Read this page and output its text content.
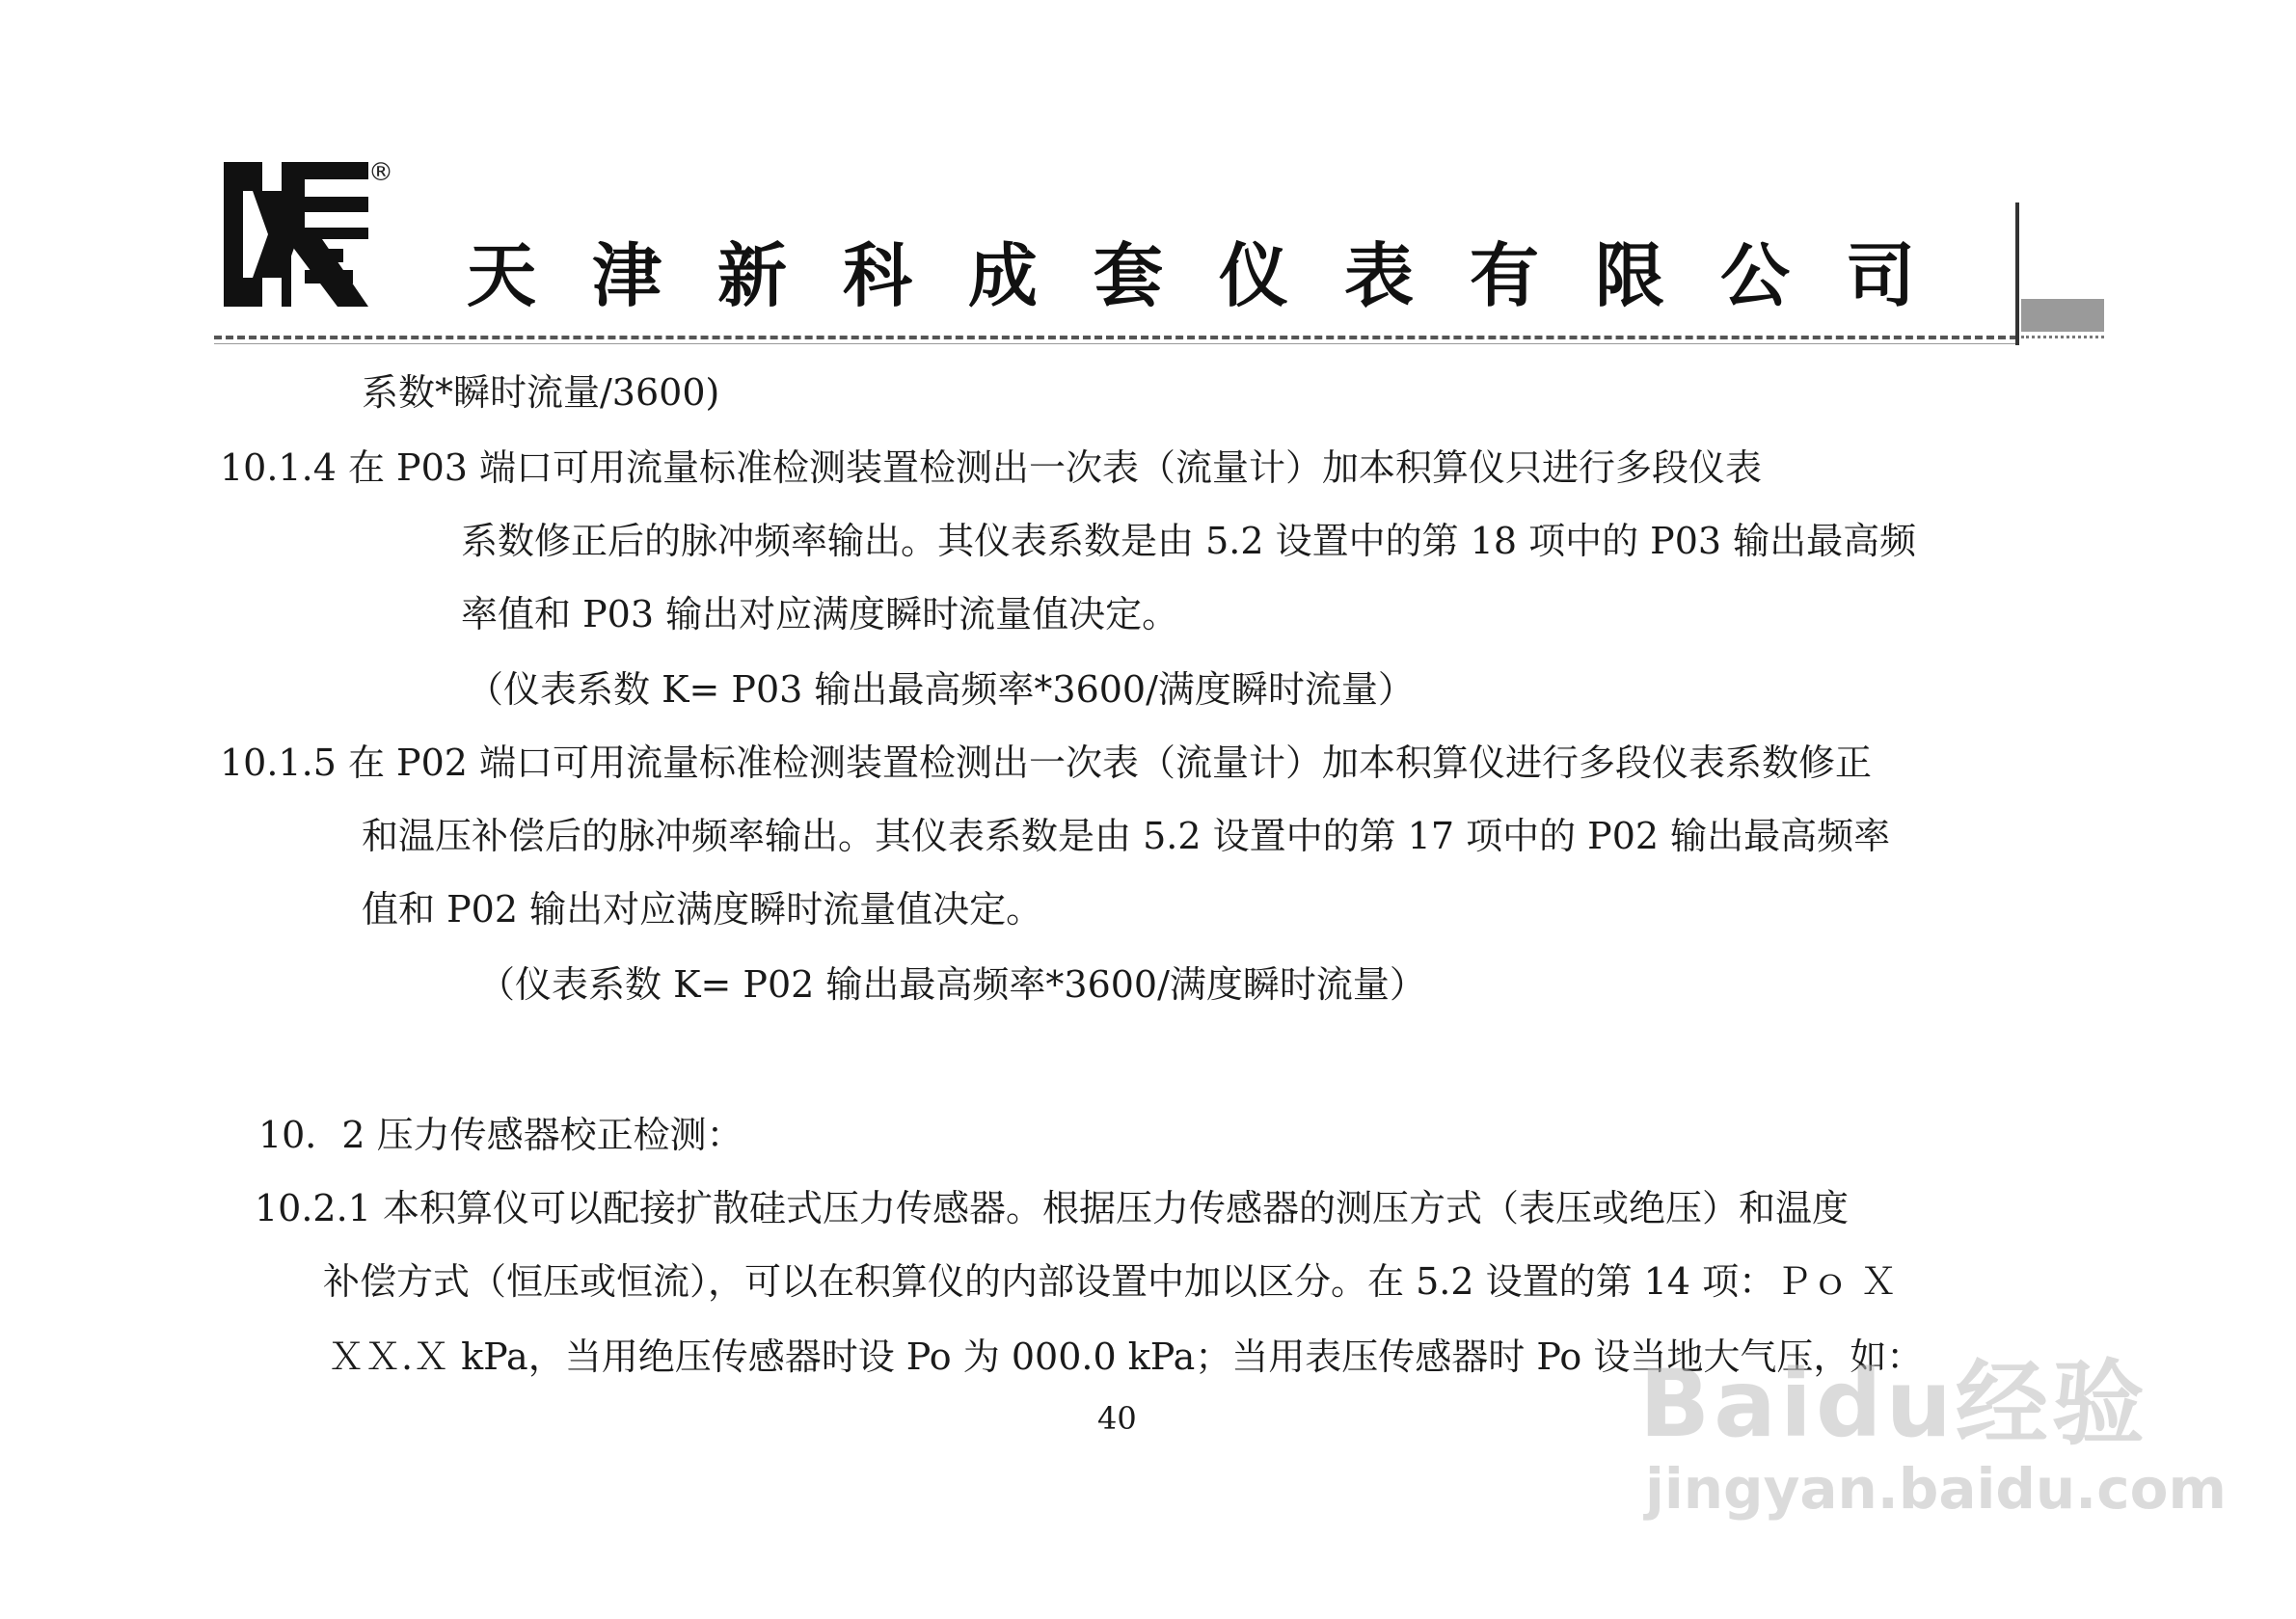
®
天津新科成套仪表有限公司
系数*瞬时流量/3600)
10.1.4 在 P03 端口可用流量标准检测装置检测出一次表（流量计）加本积算仪只进行多段仪表
系数修正后的脉冲频率输出。其仪表系数是由 5.2 设置中的第 18 项中的 P03 输出最高频
率值和 P03 输出对应满度瞬时流量值决定。
（仪表系数 K= P03 输出最高频率*3600/满度瞬时流量）
10.1.5 在 P02 端口可用流量标准检测装置检测出一次表（流量计）加本积算仪进行多段仪表系数修正
和温压补偿后的脉冲频率输出。其仪表系数是由 5.2 设置中的第 17 项中的 P02 输出最高频率
值和 P02 输出对应满度瞬时流量值决定。
（仪表系数 K= P02 输出最高频率*3600/满度瞬时流量）
10．2 压力传感器校正检测：
10.2.1 本积算仪可以配接扩散硅式压力传感器。根据压力传感器的测压方式（表压或绝压）和温度
补偿方式（恒压或恒流），可以在积算仪的内部设置中加以区分。在 5.2 设置的第 14 项：Ｐｏ Ｘ
ＸＸ.Ｘ kPa，当用绝压传感器时设 Po 为 000.0 kPa；当用表压传感器时 Po 设当地大气压，如：
40	Baidu经验
jingyan.baidu.com
